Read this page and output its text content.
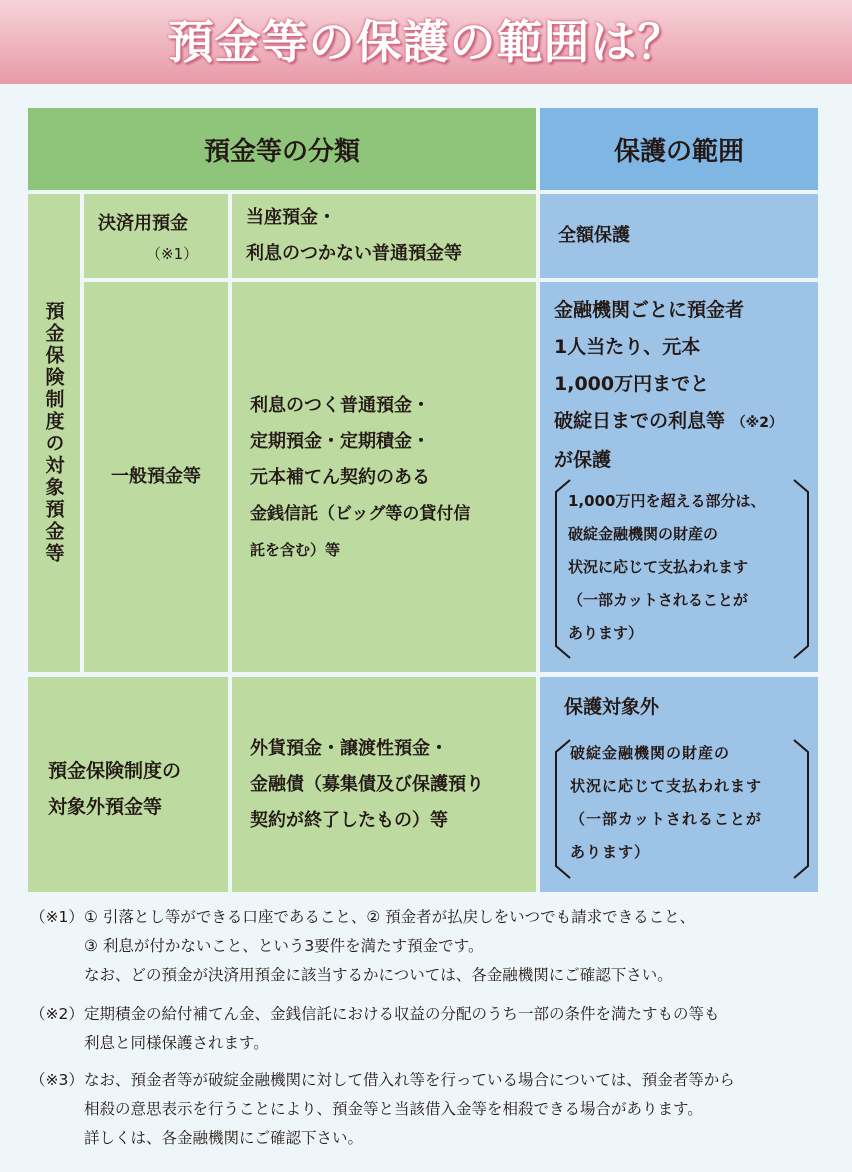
預金等の保護の範囲は？
預金等の分類	保護の範囲
預金保険制度の対象預金等
決済用預金
（※1）
当座預金・
利息のつかない普通預金等
全額保護
一般預金等
利息のつく普通預金・
定期預金・定期積金・
元本補てん契約のある
金銭信託（ビッグ等の貸付信
託を含む）等
金融機関ごとに預金者
1人当たり、元本
1,000万円までと
破綻日までの利息等 （※2）
が保護
1,000万円を超える部分は、
破綻金融機関の財産の
状況に応じて支払われます
（一部カットされることが
あります）
預金保険制度の
対象外預金等
外貨預金・譲渡性預金・
金融債（募集債及び保護預り
契約が終了したもの）等
保護対象外
破綻金融機関の財産の
状況に応じて支払われます
（一部カットされることが
あります）
（※1） ① 引落とし等ができる口座であること、② 預金者が払戻しをいつでも請求できること、
③ 利息が付かないこと、という3要件を満たす預金です。
なお、どの預金が決済用預金に該当するかについては、各金融機関にご確認下さい。
（※2） 定期積金の給付補てん金、金銭信託における収益の分配のうち一部の条件を満たすもの等も
利息と同様保護されます。
（※3） なお、預金者等が破綻金融機関に対して借入れ等を行っている場合については、預金者等から
相殺の意思表示を行うことにより、預金等と当該借入金等を相殺できる場合があります。
詳しくは、各金融機関にご確認下さい。
